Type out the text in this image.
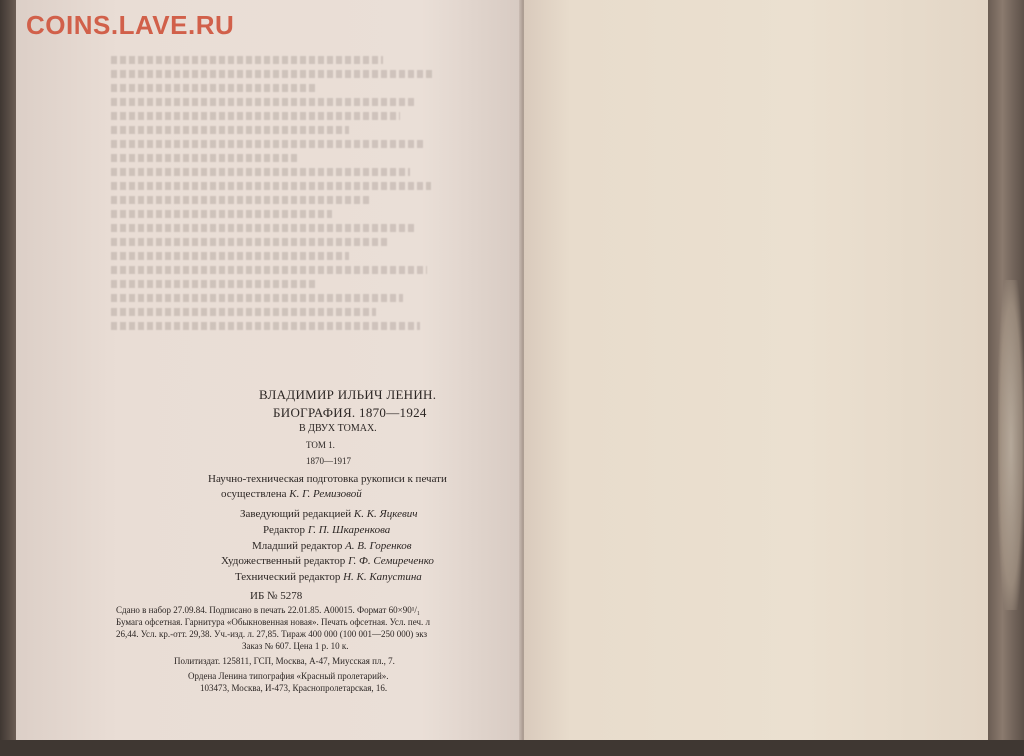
ВЛАДИМИР ИЛЬИЧ ЛЕНИН.
БИОГРАФИЯ. 1870—1924
В ДВУХ ТОМАХ.
ТОМ 1.
1870—1917
Научно-техническая подготовка рукописи к печати
осуществлена К. Г. Ремизовой
Заведующий редакцией К. К. Яцкевич
Редактор Г. П. Шкаренкова
Младший редактор А. В. Горенков
Художественный редактор Г. Ф. Семиреченко
Технический редактор Н. К. Капустина
ИБ № 5278
Сдано в набор 27.09.84. Подписано в печать 22.01.85. А00015. Формат 60×90¹/₁
Бумага офсетная. Гарнитура «Обыкновенная новая». Печать офсетная. Усл. печ. л
26,44. Усл. кр.-отт. 29,38. Уч.-изд. л. 27,85. Тираж 400 000 (100 001—250 000) экз
Заказ № 607. Цена 1 р. 10 к.
Политиздат. 125811, ГСП, Москва, А-47, Миусская пл., 7.
Ордена Ленина типография «Красный пролетарий».
103473, Москва, И-473, Краснопролетарская, 16.
COINS.LAVE.RU
